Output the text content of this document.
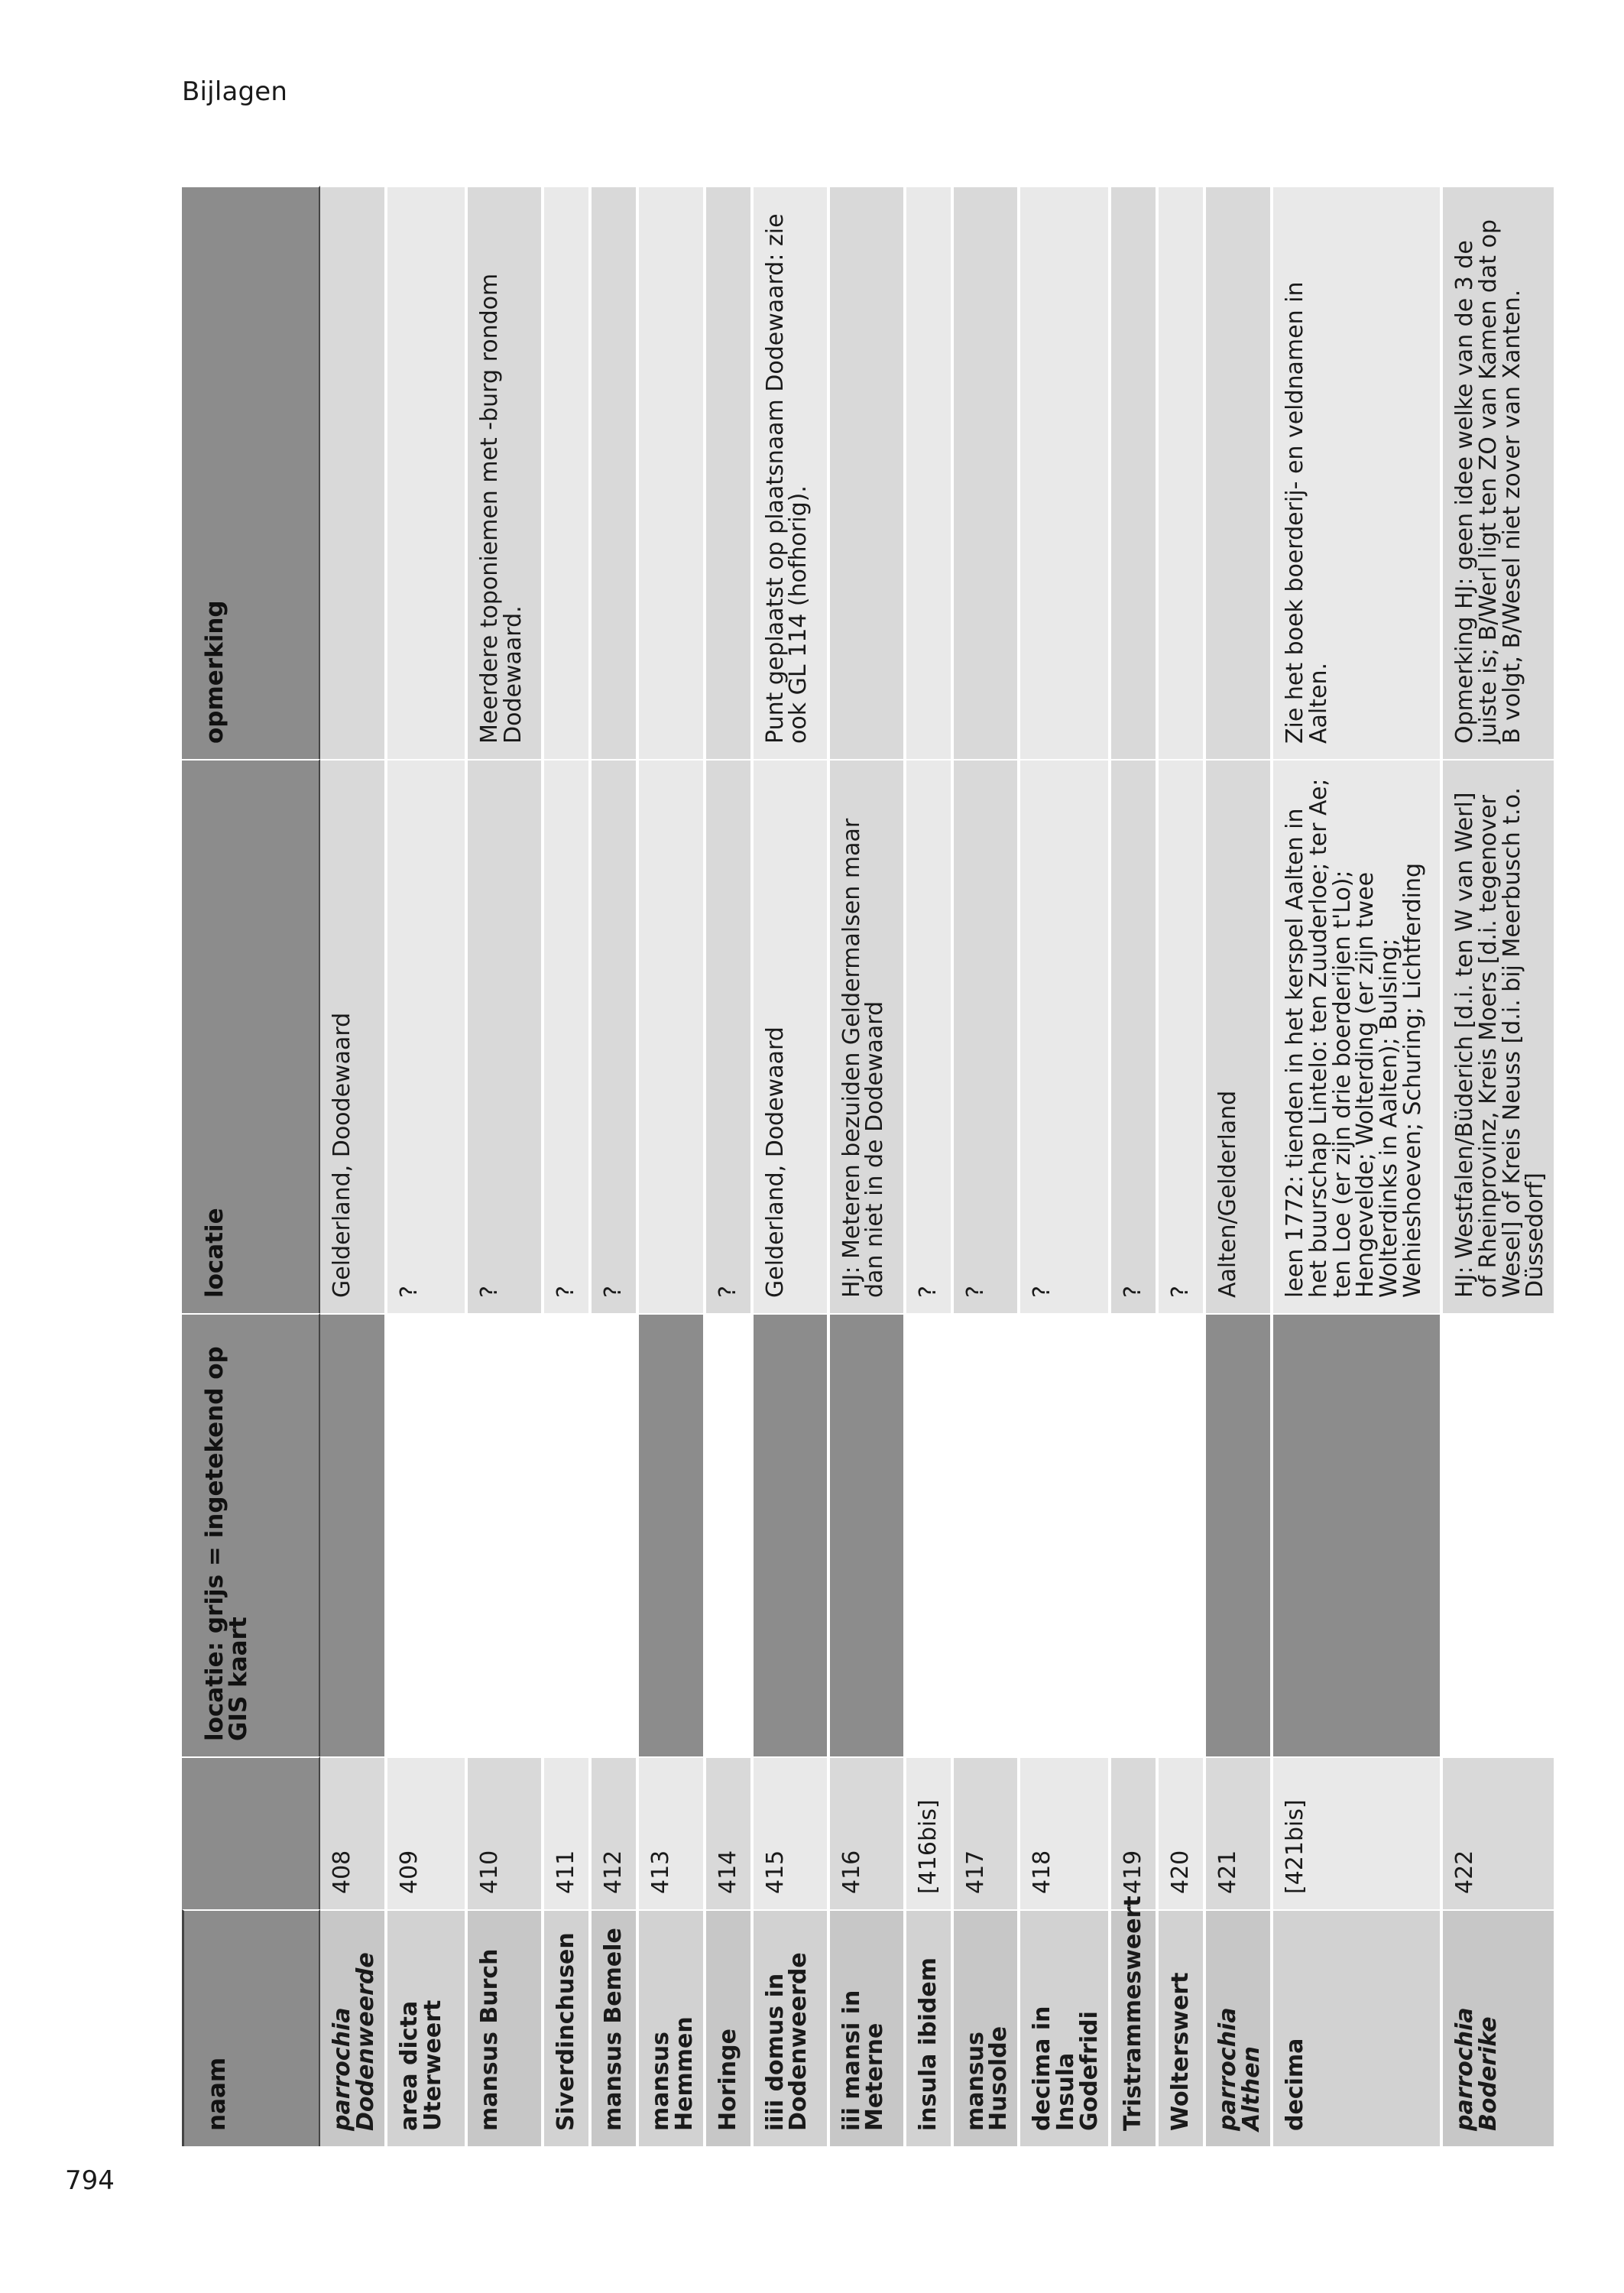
Bijlagen
naam		locatie: grijs = ingetekend op GIS kaart	locatie	opmerking
parrochia Dodenweerde	408		Gelderland, Doodewaard	
area dicta Uterweert	409		?	
mansus Burch	410		?	Meerdere toponiemen met -burg rondom Dodewaard.
Siverdinchusen	411		?	
mansus Bemele	412		?	
mansus Hemmen	413			
Horinge	414		?	
iiii domus in Dodenweerde	415		Gelderland, Dodewaard	Punt geplaatst op plaatsnaam Dodewaard: zie ook GL 114 (hofhorig).
iii mansi in Meterne	416		HJ: Meteren bezuiden Geldermalsen maar dan niet in de Dodewaard	
insula ibidem	[416bis]		?	
mansus Husolde	417		?	
decima in Insula Godefridi	418		?	
Tristrammesweert	419		?	
Wolterswert	420		?	
parrochia Althen	421		Aalten/Gelderland	
decima	[421bis]		leen 1772: tienden in het kerspel Aalten in het buurschap Lintelo: ten Zuuderloe; ter Ae; ten Loe (er zijn drie boerderijen t'Lo); Hengevelde; Wolterding (er zijn twee Wolterdinks in Aalten); Bulsing; Wehieshoeven; Schuring; Lichtferding	Zie het boek boerderij- en veldnamen in Aalten.
parrochia Boderike	422		HJ: Westfalen/Büderich [d.i. ten W van Werl] of Rheinprovinz, Kreis Moers [d.i. tegenover Wesel] of Kreis Neuss [d.i. bij Meerbusch t.o. Düssedorf]	Opmerking HJ: geen idee welke van de 3 de juiste is; B/Werl ligt ten ZO van Kamen dat op B volgt, B/Wesel niet zover van Xanten.
794
